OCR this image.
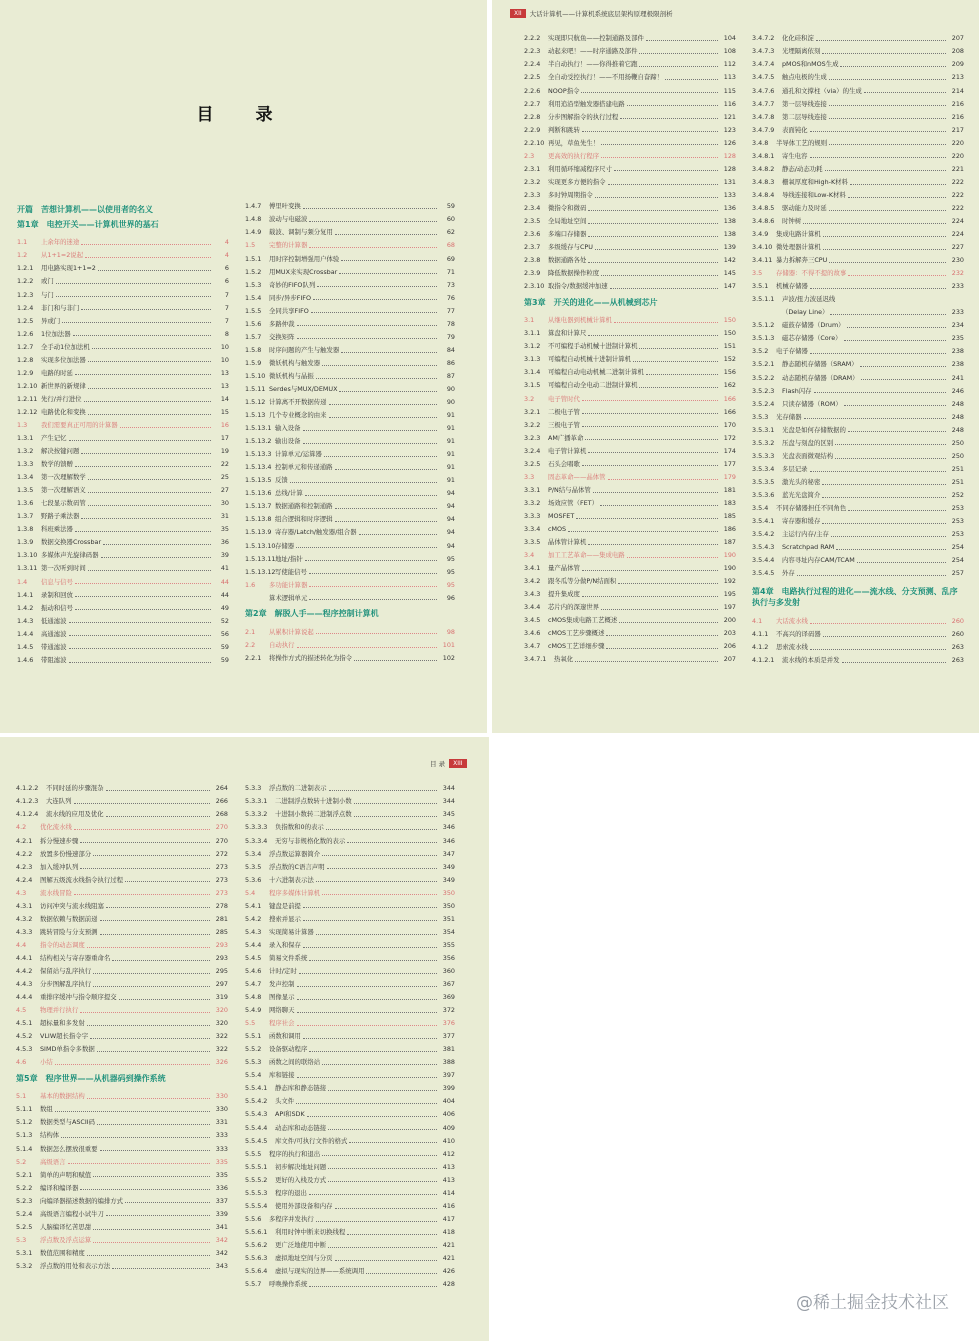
目 录
开篇 苦想计算机——以使用者的名义
第1章 电控开关——计算机世界的基石
1.1	上余年的迷途	4
1.2	从1+1=2说起	4
1.2.1	用电路实现1+1=2	6
1.2.2	或门	6
1.2.3	与门	7
1.2.4	非门和与非门	7
1.2.5	异或门	7
1.2.6	1位加法器	8
1.2.7	全手动1位加法机	10
1.2.8	实现多位加法器	10
1.2.9	电路的时延	13
1.2.10 新世界的新规律	13
1.2.11 先行/并行进位	14
1.2.12 电路优化和变换	15
1.3	我们需要真正可用的计算器	16
1.3.1	产生记忆	17
1.3.2	解决按键问题	19
1.3.3	数学的馈赠	22
1.3.4	第一次理解数学	25
1.3.5	第一次理解语义	27
1.3.6	七段显示数码管	30
1.3.7	野路子乘法器	31
1.3.8	科班乘法器	35
1.3.9	数据交换器Crossbar	36
1.3.10 多媒体声光旋律码器	39
1.3.11 第一次听到时间	41
1.4	信息与信号	44
1.4.1	录制和回放	44
1.4.2	振动和信号	49
1.4.3	低通滤波	52
1.4.4	高通滤波	56
1.4.5	带通滤波	59
1.4.6	带阻滤波	59
1.4.7	傅里叶变换	59
1.4.8	波动与电磁波	60
1.4.9	载波、调制与频分复用	62
1.5	完整的计算器	68
1.5.1	用时序控制增强用户体验	69
1.5.2	用MUX来实现Crossbar	71
1.5.3	奇妙的FIFO队列	73
1.5.4	同步/异步FIFO	76
1.5.5	全同共享FIFO	77
1.5.6	多路仲裁	78
1.5.7	交换矩阵	79
1.5.8	时序问题的产生与触发器	84
1.5.9	微妖机构与触发器	86
1.5.10 微妖机构与晶振	87
1.5.11 Serdes与MUX/DEMUX	90
1.5.12 计算离不开数据传递	90
1.5.13 几个专业概念的由来	91
1.5.13.1 输入设备	91
1.5.13.2 输出设备	91
1.5.13.3 计算单元/运算器	91
1.5.13.4 控制单元和传递通路	91
1.5.13.5 反馈	91
1.5.13.6 总线/计算	94
1.5.13.7 数据通路和控制通路	94
1.5.13.8 组合逻辑和时序逻辑	94
1.5.13.9 寄存器/Latch/触发器/组合器	94
1.5.13.10 存储器	94
1.5.13.11 地址/指针	95
1.5.13.12 写使能信号	95
1.6	多功能计算器	95
算术逻辑单元	96
第2章 解脱人手——程序控制计算机
2.1	从累积计算说起	98
2.2	自动执行	101
2.2.1	将操作方式的描述转化为指令	102
XII	大话计算机——计算机系统底层架构原理极限剖析
2.2.2	实现即只航鱼——控制通路及部件	104
2.2.3	动起来吧！——时序通路及部件	108
2.2.4	半自动执行！——你得推着它跑	112
2.2.5	全自动受控执行！——不用扬鞭自奋蹄！	113
2.2.6	NOOP指令	115
2.2.7	利用追沿型触发器搭建电路	116
2.2.8	分步图解指令的执行过程	121
2.2.9	判断和跳转	123
2.2.10 再见，草鱼先生！	126
2.3	更高效的执行程序	128
2.3.1	利用循环缩减程序尺寸	128
2.3.2	实现更多方便的指令	131
2.3.3	多时钟周期指令	133
2.3.4	微指令和微码	136
2.3.5	全局地址空间	138
2.3.6	多端口存储器	138
2.3.7	多级缓存与CPU	139
2.3.8	数据通路各处	142
2.3.9	降低数据操作粒度	145
2.3.10 取指令/数据缓冲加速	147
第3章 开关的进化——从机械到芯片
3.1	从继电器到机械计算机	150
3.1.1	算盘和计算尺	150
3.1.2	不可编程手动机械十进制计算机	151
3.1.3	可编程自动机械十进制计算机	152
3.1.4	可编程自动电动机械二进制计算机	156
3.1.5	可编程自动全电动二进制计算机	162
3.2	电子管时代	166
3.2.1	二极电子管	166
3.2.2	三极电子管	170
3.2.3	AM广播革命	172
3.2.4	电子管计算机	174
3.2.5	石头会唱歌	177
3.3	固态革命——晶体管	179
3.3.1	P/N结与晶体管	181
3.3.2	场效应管（FET）	183
3.3.3	MOSFET	185
3.3.4	cMOS	186
3.3.5	晶体管计算机	187
3.4	加工工艺革命——集成电路	190
3.4.1	量产晶体管	190
3.4.2	跟冬瓜等分做P/N结面积	192
3.4.3	提升集成度	195
3.4.4	芯片内的深邃世界	197
3.4.5	cMOS集成电路工艺概述	200
3.4.6	cMOS工艺步骤概述	203
3.4.7	cMOS工艺详细步骤	206
3.4.7.1	热氧化	207
3.4.7.2	化化硅积淀	207
3.4.7.3	光埋隔离依刻	208
3.4.7.4	pMOS和nMOS生成	209
3.4.7.5	触点电极的生成	213
3.4.7.6	通孔和文撑柱（via）的生成	214
3.4.7.7	第一层导线连接	216
3.4.7.8	第二层导线连接	216
3.4.7.9	表面钝化	217
3.4.8	半导体工艺的规则	220
3.4.8.1	寄生电容	220
3.4.8.2	静态/动态功耗	221
3.4.8.3	栅氧厚度和High-K材料	222
3.4.8.4	导线连接和Low-K材料	222
3.4.8.5	驱动能力及时延	222
3.4.8.6	时钟树	224
3.4.9	集成电路计算机	224
3.4.10 微处理器计算机	227
3.4.11 暴力拆解奔三CPU	230
3.5	存储器：不得不提的故事	232
3.5.1	机械存储器	233
3.5.1.1	声波/扭力波延迟线
（Delay Line）	233
3.5.1.2	磁鼓存储器（Drum）	234
3.5.1.3	磁芯存储器（Core）	235
3.5.2	电子存储器	238
3.5.2.1	静态随机存储器（SRAM）	238
3.5.2.2	动态随机存储器（DRAM）	241
3.5.2.3	Flash闪存	246
3.5.2.4	只读存储器（ROM）	248
3.5.3	光存储器	248
3.5.3.1	光盘是如何存储数据的	248
3.5.3.2	压盘与刻盘的区别	250
3.5.3.3	光盘表面微观结构	250
3.5.3.4	多层记录	251
3.5.3.5	激光头的秘密	251
3.5.3.6	蓝光光盘简介	252
3.5.4	不同存储器担任不同角色	253
3.5.4.1	寄存器和缓存	253
3.5.4.2	主运行内存/主存	253
3.5.4.3	Scratchpad RAM	254
3.5.4.4	内容寻址内存CAM/TCAM	254
3.5.4.5	外存	257
第4章 电路执行过程的进化——流水线、分支预测、乱序执行与多发射
4.1	大话流水线	260
4.1.1	不高兴的译码器	260
4.1.2	思索流水线	263
4.1.2.1	流水线的本质是并发	263
目 录	XIII
4.1.2.2	不同时延的步骤混杂	264
4.1.2.3	大连队列	266
4.1.2.4	流水线的应用及优化	268
4.2	优化流水线	270
4.2.1	拆分慢速步骤	270
4.2.2	放置多份慢速部分	272
4.2.3	加入缓冲队列	273
4.2.4	图解五级流水线指令执行过程	273
4.3	流水线冒险	273
4.3.1	访问冲突与流水线阻塞	278
4.3.2	数据依赖与数据前递	281
4.3.3	跳转冒险与分支预测	285
4.4	指令的动态调度	293
4.4.1	结构相关与寄存器重命名	293
4.4.2	保留站与乱序执行	295
4.4.3	分步图解乱序执行	297
4.4.4	重排序缓冲与指令顺序提交	319
4.5	物理并行执行	320
4.5.1	超标量和多发射	320
4.5.2	VLIW超长指令字	322
4.5.3	SIMD单指令多数据	322
4.6	小结	326
第5章 程序世界——从机器码到操作系统
5.1	基本的数据结构	330
5.1.1	数组	330
5.1.2	数据类型与ASCII码	331
5.1.3	结构体	333
5.1.4	数据怎么摆放很重要	333
5.2	高级语言	335
5.2.1	简单的声明和赋值	335
5.2.2	编译和编译器	336
5.2.3	向编译器描述数据的编排方式	337
5.2.4	高级语言编程小试牛刀	339
5.2.5	人脑编译忆苦思甜	341
5.3	浮点数及浮点运算	342
5.3.1	数值范围和精度	342
5.3.2	浮点数的用处和表示方法	343
5.3.3	浮点数的二进制表示	344
5.3.3.1	二进制浮点数转十进制小数	344
5.3.3.2	十进制小数转二进制浮点数	345
5.3.3.3	负指数和0的表示	346
5.3.3.4	无穷与非规格化数的表示	346
5.3.4	浮点数运算器简介	347
5.3.5	浮点数的C语言声明	349
5.3.6	十六进制表示法	349
5.4	程序多媒体计算机	350
5.4.1	键盘是前提	350
5.4.2	搜索并显示	351
5.4.3	实现简易计算器	354
5.4.4	录入和保存	355
5.4.5	简易文件系统	356
5.4.6	计时/定时	360
5.4.7	发声控制	367
5.4.8	图像显示	369
5.4.9	网络聊天	372
5.5	程序社会	376
5.5.1	函数和调用	377
5.5.2	设备驱动程序	381
5.5.3	函数之间的联络站	388
5.5.4	库和链接	397
5.5.4.1	静态库和静态链接	399
5.5.4.2	头文件	404
5.5.4.3	API和SDK	406
5.5.4.4	动态库和动态链接	409
5.5.4.5	库文件/可执行文件的格式	410
5.5.5	程序的执行和退出	412
5.5.5.1	初步解决地址问题	413
5.5.5.2	更好的入栈及方式	413
5.5.5.3	程序的退出	414
5.5.5.4	使用外部设备和内存	416
5.5.6	多程序并发执行	417
5.5.6.1	利用时钟中断来切换线程	418
5.5.6.2	更广泛地使用中断	421
5.5.6.3	虚拟地址空间与分页	421
5.5.6.4	虚拟与现实的边界——系统调用	426
5.5.7	呼唤操作系统	428
@稀土掘金技术社区
